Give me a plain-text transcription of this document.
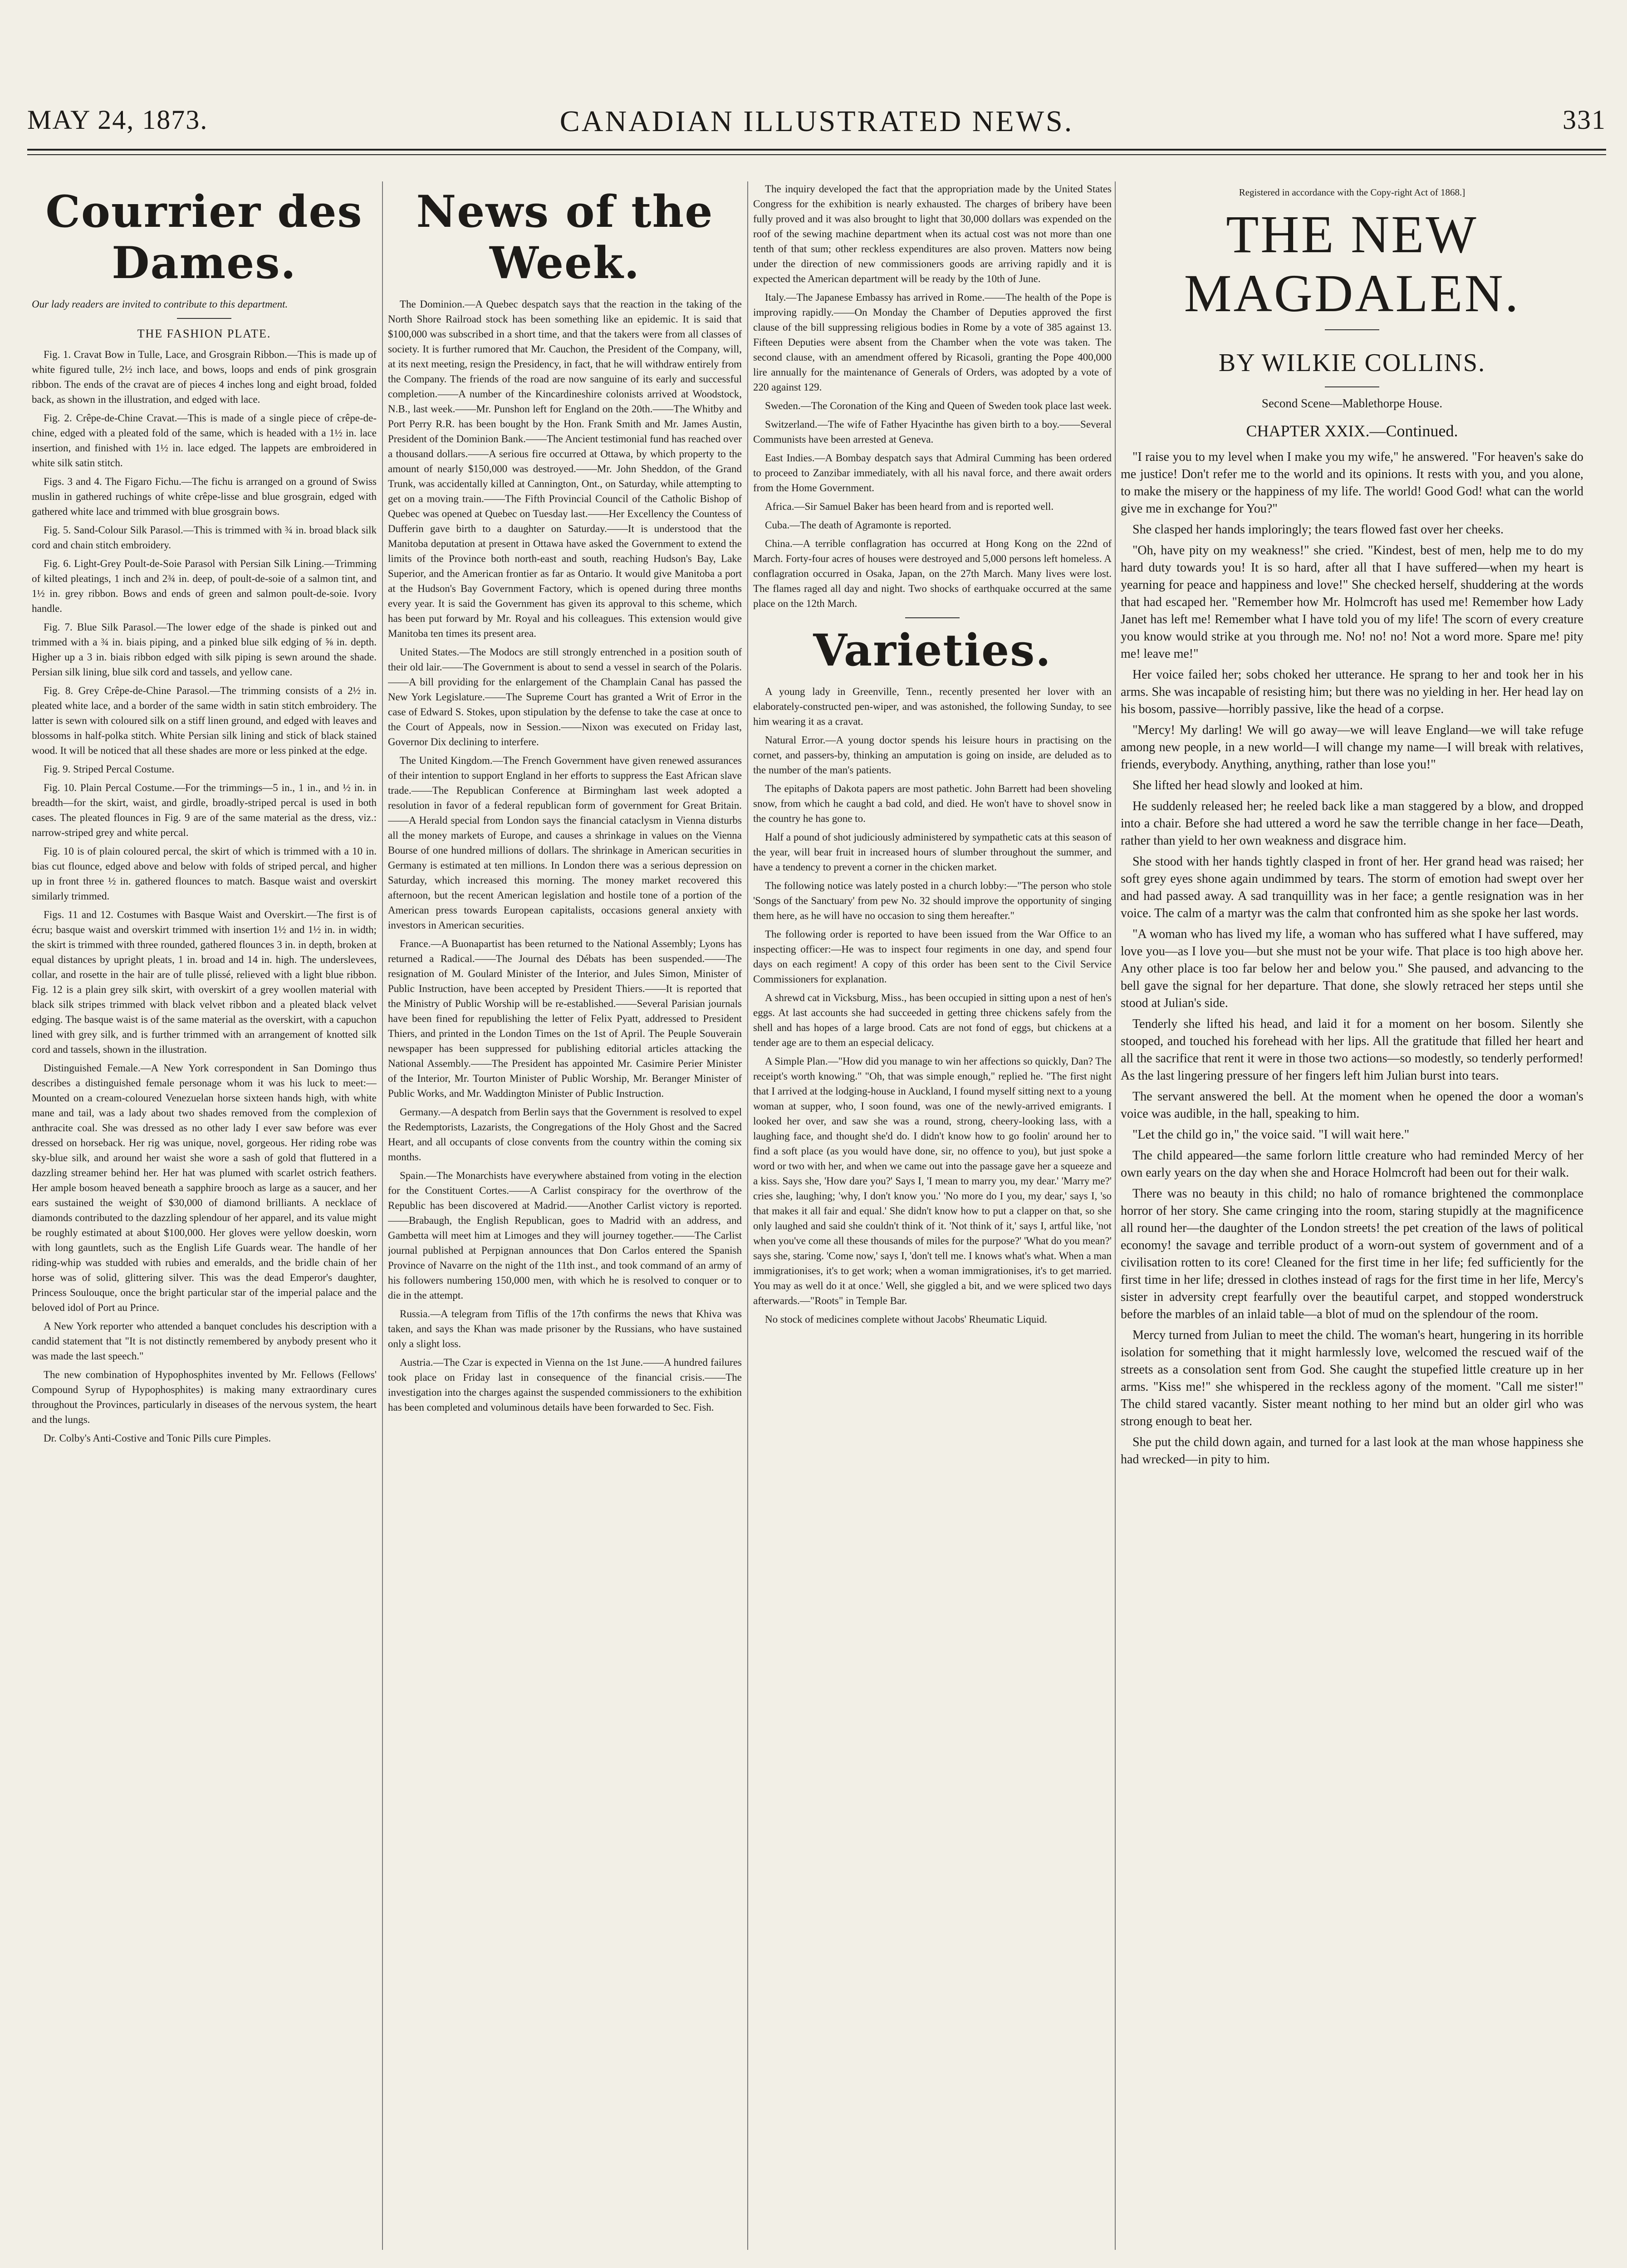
CANADIAN ILLUSTRATED NEWS.
MAY 24, 1873.	331
Courrier des Dames.

Our lady readers are invited to contribute to this department.

THE FASHION PLATE.

Fig. 1. Cravat Bow in Tulle, Lace, and Grosgrain Ribbon.—This is made up of white figured tulle, 2½ inch lace, and bows, loops and ends of pink grosgrain ribbon. The ends of the cravat are of pieces 4 inches long and eight broad, folded back, as shown in the illustration, and edged with lace.

Fig. 2. Crêpe-de-Chine Cravat.—This is made of a single piece of crêpe-de-chine, edged with a pleated fold of the same, which is headed with a 1½ in. lace insertion, and finished with 1½ in. lace edged. The lappets are embroidered in white silk satin stitch.

Figs. 3 and 4. The Figaro Fichu.—The fichu is arranged on a ground of Swiss muslin in gathered ruchings of white crêpe-lisse and blue grosgrain, edged with gathered white lace and trimmed with blue grosgrain bows.

Fig. 5. Sand-Colour Silk Parasol.—This is trimmed with ¾ in. broad black silk cord and chain stitch embroidery.

Fig. 6. Light-Grey Poult-de-Soie Parasol with Persian Silk Lining.—Trimming of kilted pleatings, 1 inch and 2¾ in. deep, of poult-de-soie of a salmon tint, and 1½ in. grey ribbon. Bows and ends of green and salmon poult-de-soie. Ivory handle.

Fig. 7. Blue Silk Parasol.—The lower edge of the shade is pinked out and trimmed with a ¾ in. biais piping, and a pinked blue silk edging of ⅝ in. depth. Higher up a 3 in. biais ribbon edged with silk piping is sewn around the shade. Persian silk lining, blue silk cord and tassels, and yellow cane.

Fig. 8. Grey Crêpe-de-Chine Parasol.—The trimming consists of a 2½ in. pleated white lace, and a border of the same width in satin stitch embroidery. The latter is sewn with coloured silk on a stiff linen ground, and edged with leaves and blossoms in half-polka stitch. White Persian silk lining and stick of black stained wood. It will be noticed that all these shades are more or less pinked at the edge.

Fig. 9. Striped Percal Costume.

Fig. 10. Plain Percal Costume.—For the trimmings—5 in., 1 in., and ½ in. in breadth—for the skirt, waist, and girdle, broadly-striped percal is used in both cases. The pleated flounces in Fig. 9 are of the same material as the dress, viz.: narrow-striped grey and white percal.

Fig. 10 is of plain coloured percal, the skirt of which is trimmed with a 10 in. bias cut flounce, edged above and below with folds of striped percal, and higher up in front three ½ in. gathered flounces to match. Basque waist and overskirt similarly trimmed.

Figs. 11 and 12. Costumes with Basque Waist and Overskirt.—The first is of écru; basque waist and overskirt trimmed with insertion 1½ and 1½ in. in width; the skirt is trimmed with three rounded, gathered flounces 3 in. in depth, broken at equal distances by upright pleats, 1 in. broad and 14 in. high. The underslevees, collar, and rosette in the hair are of tulle plissé, relieved with a light blue ribbon. Fig. 12 is a plain grey silk skirt, with overskirt of a grey woollen material with black silk stripes trimmed with black velvet ribbon and a pleated black velvet edging. The basque waist is of the same material as the overskirt, with a capuchon lined with grey silk, and is further trimmed with an arrangement of knotted silk cord and tassels, shown in the illustration.

Distinguished Female.—A New York correspondent in San Domingo thus describes a distinguished female personage whom it was his luck to meet:—Mounted on a cream-coloured Venezuelan horse sixteen hands high, with white mane and tail, was a lady about two shades removed from the complexion of anthracite coal. She was dressed as no other lady I ever saw before was ever dressed on horseback. Her rig was unique, novel, gorgeous. Her riding robe was sky-blue silk, and around her waist she wore a sash of gold that fluttered in a dazzling streamer behind her. Her hat was plumed with scarlet ostrich feathers. Her ample bosom heaved beneath a sapphire brooch as large as a saucer, and her ears sustained the weight of $30,000 of diamond brilliants. A necklace of diamonds contributed to the dazzling splendour of her apparel, and its value might be roughly estimated at about $100,000. Her gloves were yellow doeskin, worn with long gauntlets, such as the English Life Guards wear. The handle of her riding-whip was studded with rubies and emeralds, and the bridle chain of her horse was of solid, glittering silver. This was the dead Emperor's daughter, Princess Soulouque, once the bright particular star of the imperial palace and the beloved idol of Port au Prince.

A New York reporter who attended a banquet concludes his description with a candid statement that "It is not distinctly remembered by anybody present who it was made the last speech."

The new combination of Hypophosphites invented by Mr. Fellows (Fellows' Compound Syrup of Hypophosphites) is making many extraordinary cures throughout the Provinces, particularly in diseases of the nervous system, the heart and the lungs.

Dr. Colby's Anti-Costive and Tonic Pills cure Pimples.

News of the Week.

The Dominion.—A Quebec despatch says that the reaction in the taking of the North Shore Railroad stock has been something like an epidemic. It is said that $100,000 was subscribed in a short time, and that the takers were from all classes of society. It is further rumored that Mr. Cauchon, the President of the Company, will, at its next meeting, resign the Presidency, in fact, that he will withdraw entirely from the Company. The friends of the road are now sanguine of its early and successful completion.——A number of the Kincardineshire colonists arrived at Woodstock, N.B., last week.——Mr. Punshon left for England on the 20th.——The Whitby and Port Perry R.R. has been bought by the Hon. Frank Smith and Mr. James Austin, President of the Dominion Bank.——The Ancient testimonial fund has reached over a thousand dollars.——A serious fire occurred at Ottawa, by which property to the amount of nearly $150,000 was destroyed.——Mr. John Sheddon, of the Grand Trunk, was accidentally killed at Cannington, Ont., on Saturday, while attempting to get on a moving train.——The Fifth Provincial Council of the Catholic Bishop of Quebec was opened at Quebec on Tuesday last.——Her Excellency the Countess of Dufferin gave birth to a daughter on Saturday.——It is understood that the Manitoba deputation at present in Ottawa have asked the Government to extend the limits of the Province both north-east and south, reaching Hudson's Bay, Lake Superior, and the American frontier as far as Ontario. It would give Manitoba a port at the Hudson's Bay Government Factory, which is opened during three months every year. It is said the Government has given its approval to this scheme, which has been put forward by Mr. Royal and his colleagues. This extension would give Manitoba ten times its present area.

United States.—The Modocs are still strongly entrenched in a position south of their old lair.——The Government is about to send a vessel in search of the Polaris.——A bill providing for the enlargement of the Champlain Canal has passed the New York Legislature.——The Supreme Court has granted a Writ of Error in the case of Edward S. Stokes, upon stipulation by the defense to take the case at once to the Court of Appeals, now in Session.——Nixon was executed on Friday last, Governor Dix declining to interfere.

The United Kingdom.—The French Government have given renewed assurances of their intention to support England in her efforts to suppress the East African slave trade.——The Republican Conference at Birmingham last week adopted a resolution in favor of a federal republican form of government for Great Britain.——A Herald special from London says the financial cataclysm in Vienna disturbs all the money markets of Europe, and causes a shrinkage in values on the Vienna Bourse of one hundred millions of dollars. The shrinkage in American securities in Germany is estimated at ten millions. In London there was a serious depression on Saturday, which increased this morning. The money market recovered this afternoon, but the recent American legislation and hostile tone of a portion of the American press towards European capitalists, occasions general anxiety with investors in American securities.

France.—A Buonapartist has been returned to the National Assembly; Lyons has returned a Radical.——The Journal des Débats has been suspended.——The resignation of M. Goulard Minister of the Interior, and Jules Simon, Minister of Public Instruction, have been accepted by President Thiers.——It is reported that the Ministry of Public Worship will be re-established.——Several Parisian journals have been fined for republishing the letter of Felix Pyatt, addressed to President Thiers, and printed in the London Times on the 1st of April. The Peuple Souverain newspaper has been suppressed for publishing editorial articles attacking the National Assembly.——The President has appointed Mr. Casimire Perier Minister of the Interior, Mr. Tourton Minister of Public Worship, Mr. Beranger Minister of Public Works, and Mr. Waddington Minister of Public Instruction.

Germany.—A despatch from Berlin says that the Government is resolved to expel the Redemptorists, Lazarists, the Congregations of the Holy Ghost and the Sacred Heart, and all occupants of close convents from the country within the coming six months.

Spain.—The Monarchists have everywhere abstained from voting in the election for the Constituent Cortes.——A Carlist conspiracy for the overthrow of the Republic has been discovered at Madrid.——Another Carlist victory is reported.——Brabaugh, the English Republican, goes to Madrid with an address, and Gambetta will meet him at Limoges and they will journey together.——The Carlist journal published at Perpignan announces that Don Carlos entered the Spanish Province of Navarre on the night of the 11th inst., and took command of an army of his followers numbering 150,000 men, with which he is resolved to conquer or to die in the attempt.

Russia.—A telegram from Tiflis of the 17th confirms the news that Khiva was taken, and says the Khan was made prisoner by the Russians, who have sustained only a slight loss.

Austria.—The Czar is expected in Vienna on the 1st June.——A hundred failures took place on Friday last in consequence of the financial crisis.——The investigation into the charges against the suspended commissioners to the exhibition has been completed and voluminous details have been forwarded to Sec. Fish.

The inquiry developed the fact that the appropriation made by the United States Congress for the exhibition is nearly exhausted. The charges of bribery have been fully proved and it was also brought to light that 30,000 dollars was expended on the roof of the sewing machine department when its actual cost was not more than one tenth of that sum; other reckless expenditures are also proven. Matters now being under the direction of new commissioners goods are arriving rapidly and it is expected the American department will be ready by the 10th of June.

Italy.—The Japanese Embassy has arrived in Rome.——The health of the Pope is improving rapidly.——On Monday the Chamber of Deputies approved the first clause of the bill suppressing religious bodies in Rome by a vote of 385 against 13. Fifteen Deputies were absent from the Chamber when the vote was taken. The second clause, with an amendment offered by Ricasoli, granting the Pope 400,000 lire annually for the maintenance of Generals of Orders, was adopted by a vote of 220 against 129.

Sweden.—The Coronation of the King and Queen of Sweden took place last week.

Switzerland.—The wife of Father Hyacinthe has given birth to a boy.——Several Communists have been arrested at Geneva.

East Indies.—A Bombay despatch says that Admiral Cumming has been ordered to proceed to Zanzibar immediately, with all his naval force, and there await orders from the Home Government.

Africa.—Sir Samuel Baker has been heard from and is reported well.

Cuba.—The death of Agramonte is reported.

China.—A terrible conflagration has occurred at Hong Kong on the 22nd of March. Forty-four acres of houses were destroyed and 5,000 persons left homeless. A conflagration occurred in Osaka, Japan, on the 27th March. Many lives were lost. The flames raged all day and night. Two shocks of earthquake occurred at the same place on the 12th March.

Varieties.

A young lady in Greenville, Tenn., recently presented her lover with an elaborately-constructed pen-wiper, and was astonished, the following Sunday, to see him wearing it as a cravat.

Natural Error.—A young doctor spends his leisure hours in practising on the cornet, and passers-by, thinking an amputation is going on inside, are deluded as to the number of the man's patients.

The epitaphs of Dakota papers are most pathetic. John Barrett had been shoveling snow, from which he caught a bad cold, and died. He won't have to shovel snow in the country he has gone to.

Half a pound of shot judiciously administered by sympathetic cats at this season of the year, will bear fruit in increased hours of slumber throughout the summer, and have a tendency to prevent a corner in the chicken market.

The following notice was lately posted in a church lobby:—"The person who stole 'Songs of the Sanctuary' from pew No. 32 should improve the opportunity of singing them here, as he will have no occasion to sing them hereafter."

The following order is reported to have been issued from the War Office to an inspecting officer:—He was to inspect four regiments in one day, and spend four days on each regiment! A copy of this order has been sent to the Civil Service Commissioners for explanation.

A shrewd cat in Vicksburg, Miss., has been occupied in sitting upon a nest of hen's eggs. At last accounts she had succeeded in getting three chickens safely from the shell and has hopes of a large brood. Cats are not fond of eggs, but chickens at a tender age are to them an especial delicacy.

A Simple Plan.—"How did you manage to win her affections so quickly, Dan? The receipt's worth knowing." "Oh, that was simple enough," replied he. "The first night that I arrived at the lodging-house in Auckland, I found myself sitting next to a young woman at supper, who, I soon found, was one of the newly-arrived emigrants. I looked her over, and saw she was a round, strong, cheery-looking lass, with a laughing face, and thought she'd do. I didn't know how to go foolin' around her to find a soft place (as you would have done, sir, no offence to you), but just spoke a word or two with her, and when we came out into the passage gave her a squeeze and a kiss. Says she, 'How dare you?' Says I, 'I mean to marry you, my dear.' 'Marry me?' cries she, laughing; 'why, I don't know you.' 'No more do I you, my dear,' says I, 'so that makes it all fair and equal.' She didn't know how to put a clapper on that, so she only laughed and said she couldn't think of it. 'Not think of it,' says I, artful like, 'not when you've come all these thousands of miles for the purpose?' 'What do you mean?' says she, staring. 'Come now,' says I, 'don't tell me. I knows what's what. When a man immigrationises, it's to get work; when a woman immigrationises, it's to get married. You may as well do it at once.' Well, she giggled a bit, and we were spliced two days afterwards.—"Roots" in Temple Bar.

No stock of medicines complete without Jacobs' Rheumatic Liquid.

Registered in accordance with the Copy-right Act of 1868.]
THE NEW MAGDALEN.
BY WILKIE COLLINS.
Second Scene—Mablethorpe House.
CHAPTER XXIX.—Continued.

"I raise you to my level when I make you my wife," he answered. "For heaven's sake do me justice! Don't refer me to the world and its opinions. It rests with you, and you alone, to make the misery or the happiness of my life. The world! Good God! what can the world give me in exchange for You?"

She clasped her hands imploringly; the tears flowed fast over her cheeks.

"Oh, have pity on my weakness!" she cried. "Kindest, best of men, help me to do my hard duty towards you! It is so hard, after all that I have suffered—when my heart is yearning for peace and happiness and love!" She checked herself, shuddering at the words that had escaped her. "Remember how Mr. Holmcroft has used me! Remember how Lady Janet has left me! Remember what I have told you of my life! The scorn of every creature you know would strike at you through me. No! no! no! Not a word more. Spare me! pity me! leave me!"

Her voice failed her; sobs choked her utterance. He sprang to her and took her in his arms. She was incapable of resisting him; but there was no yielding in her. Her head lay on his bosom, passive—horribly passive, like the head of a corpse.

"Mercy! My darling! We will go away—we will leave England—we will take refuge among new people, in a new world—I will change my name—I will break with relatives, friends, everybody. Anything, anything, rather than lose you!"

She lifted her head slowly and looked at him.

He suddenly released her; he reeled back like a man staggered by a blow, and dropped into a chair. Before she had uttered a word he saw the terrible change in her face—Death, rather than yield to her own weakness and disgrace him.

She stood with her hands tightly clasped in front of her. Her grand head was raised; her soft grey eyes shone again undimmed by tears. The storm of emotion had swept over her and had passed away. A sad tranquillity was in her face; a gentle resignation was in her voice. The calm of a martyr was the calm that confronted him as she spoke her last words.

"A woman who has lived my life, a woman who has suffered what I have suffered, may love you—as I love you—but she must not be your wife. That place is too high above her. Any other place is too far below her and below you." She paused, and advancing to the bell gave the signal for her departure. That done, she slowly retraced her steps until she stood at Julian's side.

Tenderly she lifted his head, and laid it for a moment on her bosom. Silently she stooped, and touched his forehead with her lips. All the gratitude that filled her heart and all the sacrifice that rent it were in those two actions—so modestly, so tenderly performed! As the last lingering pressure of her fingers left him Julian burst into tears.

The servant answered the bell. At the moment when he opened the door a woman's voice was audible, in the hall, speaking to him.

"Let the child go in," the voice said. "I will wait here."

The child appeared—the same forlorn little creature who had reminded Mercy of her own early years on the day when she and Horace Holmcroft had been out for their walk.

There was no beauty in this child; no halo of romance brightened the commonplace horror of her story. She came cringing into the room, staring stupidly at the magnificence all round her—the daughter of the London streets! the pet creation of the laws of political economy! the savage and terrible product of a worn-out system of government and of a civilisation rotten to its core! Cleaned for the first time in her life; fed sufficiently for the first time in her life; dressed in clothes instead of rags for the first time in her life, Mercy's sister in adversity crept fearfully over the beautiful carpet, and stopped wonderstruck before the marbles of an inlaid table—a blot of mud on the splendour of the room.

Mercy turned from Julian to meet the child. The woman's heart, hungering in its horrible isolation for something that it might harmlessly love, welcomed the rescued waif of the streets as a consolation sent from God. She caught the stupefied little creature up in her arms. "Kiss me!" she whispered in the reckless agony of the moment. "Call me sister!" The child stared vacantly. Sister meant nothing to her mind but an older girl who was strong enough to beat her.

She put the child down again, and turned for a last look at the man whose happiness she had wrecked—in pity to him.
